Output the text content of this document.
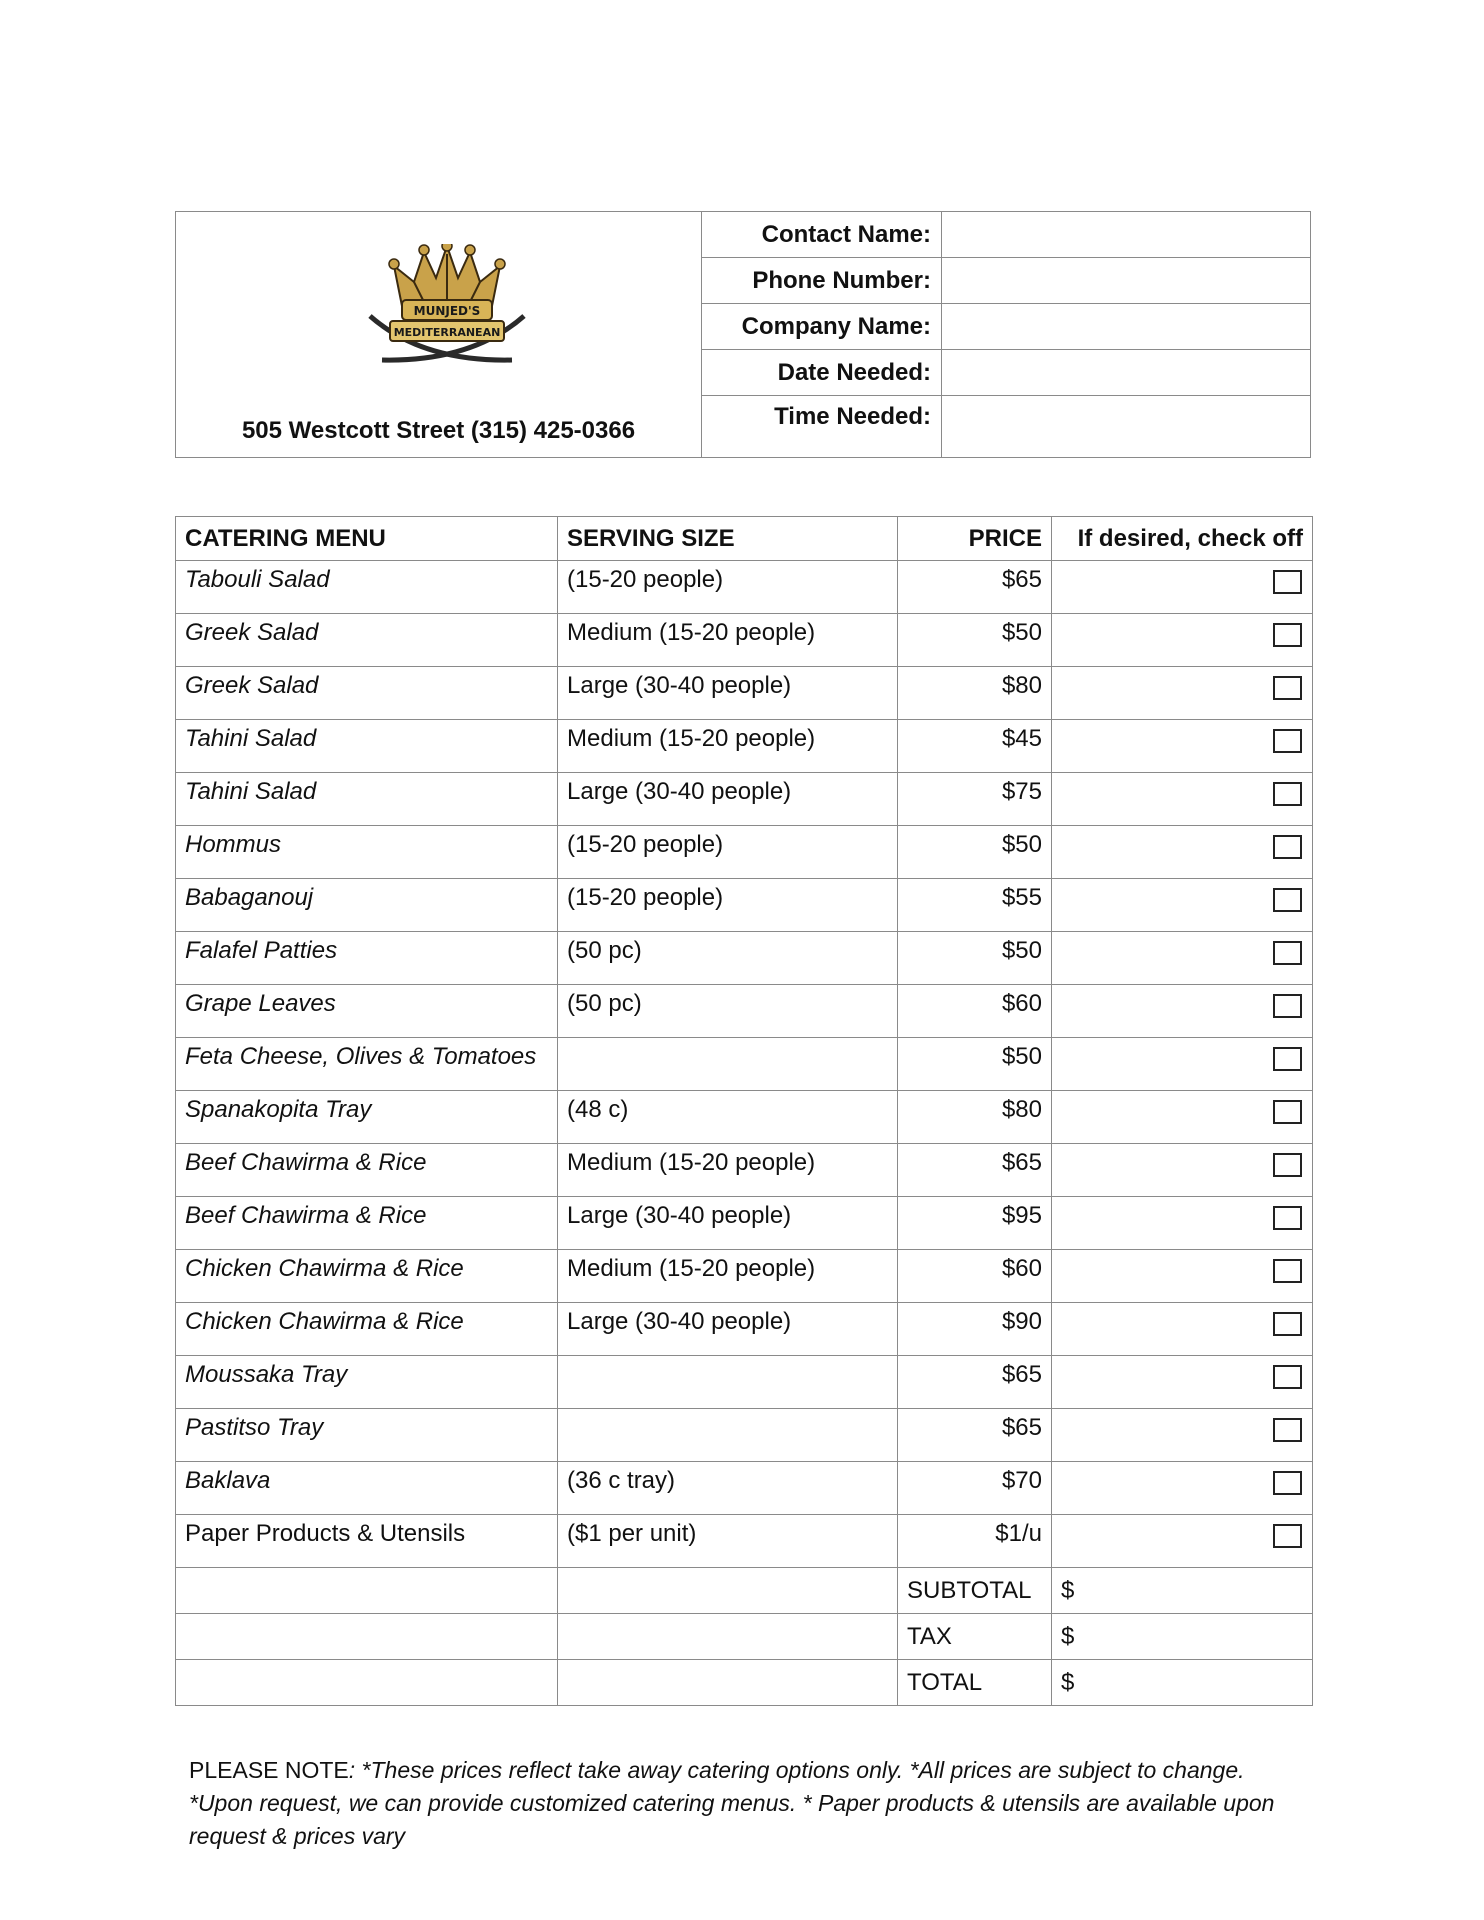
MUNJED'S
MEDITERRANEAN
505 Westcott Street (315) 425-0366
Contact Name:
Phone Number:
Company Name:
Date Needed:
Time Needed:
CATERING MENU	SERVING SIZE	PRICE	If desired, check off
Tabouli Salad	(15-20 people)	$65	
Greek Salad	Medium (15-20 people)	$50	
Greek Salad	Large (30-40 people)	$80	
Tahini Salad	Medium (15-20 people)	$45	
Tahini Salad	Large (30-40 people)	$75	
Hommus	(15-20 people)	$50	
Babaganouj	(15-20 people)	$55	
Falafel Patties	(50 pc)	$50	
Grape Leaves	(50 pc)	$60	
Feta Cheese, Olives & Tomatoes		$50	
Spanakopita Tray	(48 c)	$80	
Beef Chawirma & Rice	Medium (15-20 people)	$65	
Beef Chawirma & Rice	Large (30-40 people)	$95	
Chicken Chawirma & Rice	Medium (15-20 people)	$60	
Chicken Chawirma & Rice	Large (30-40 people)	$90	
Moussaka Tray		$65	
Pastitso Tray		$65	
Baklava	(36 c tray)	$70	
Paper Products & Utensils	($1 per unit)	$1/u	
		SUBTOTAL	$
		TAX	$
		TOTAL	$
PLEASE NOTE: *These prices reflect take away catering options only. *All prices are subject to change. *Upon request, we can provide customized catering menus. * Paper products & utensils are available upon request & prices vary
